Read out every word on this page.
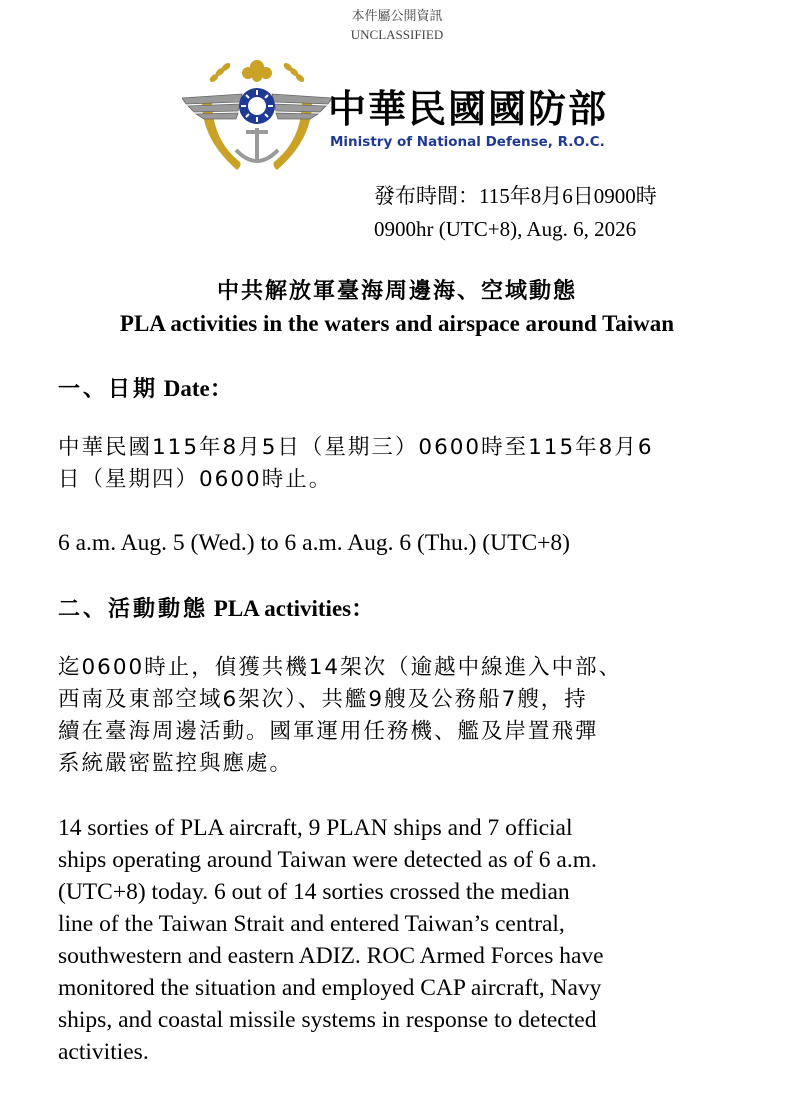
本件屬公開資訊
UNCLASSIFIED
中華民國國防部
Ministry of National Defense, R.O.C.
發布時間：115年8月6日0900時
0900hr (UTC+8), Aug. 6, 2026
中共解放軍臺海周邊海、空域動態
PLA activities in the waters and airspace around Taiwan
一、日期 Date：
中華民國115年8月5日（星期三）0600時至115年8月6
日（星期四）0600時止。
6 a.m. Aug. 5 (Wed.) to 6 a.m. Aug. 6 (Thu.) (UTC+8)
二、活動動態 PLA activities：
迄0600時止，偵獲共機14架次（逾越中線進入中部、
西南及東部空域6架次）、共艦9艘及公務船7艘，持
續在臺海周邊活動。國軍運用任務機、艦及岸置飛彈
系統嚴密監控與應處。
14 sorties of PLA aircraft, 9 PLAN ships and 7 official
ships operating around Taiwan were detected as of 6 a.m.
(UTC+8) today. 6 out of 14 sorties crossed the median
line of the Taiwan Strait and entered Taiwan’s central,
southwestern and eastern ADIZ. ROC Armed Forces have
monitored the situation and employed CAP aircraft, Navy
ships, and coastal missile systems in response to detected
activities.
